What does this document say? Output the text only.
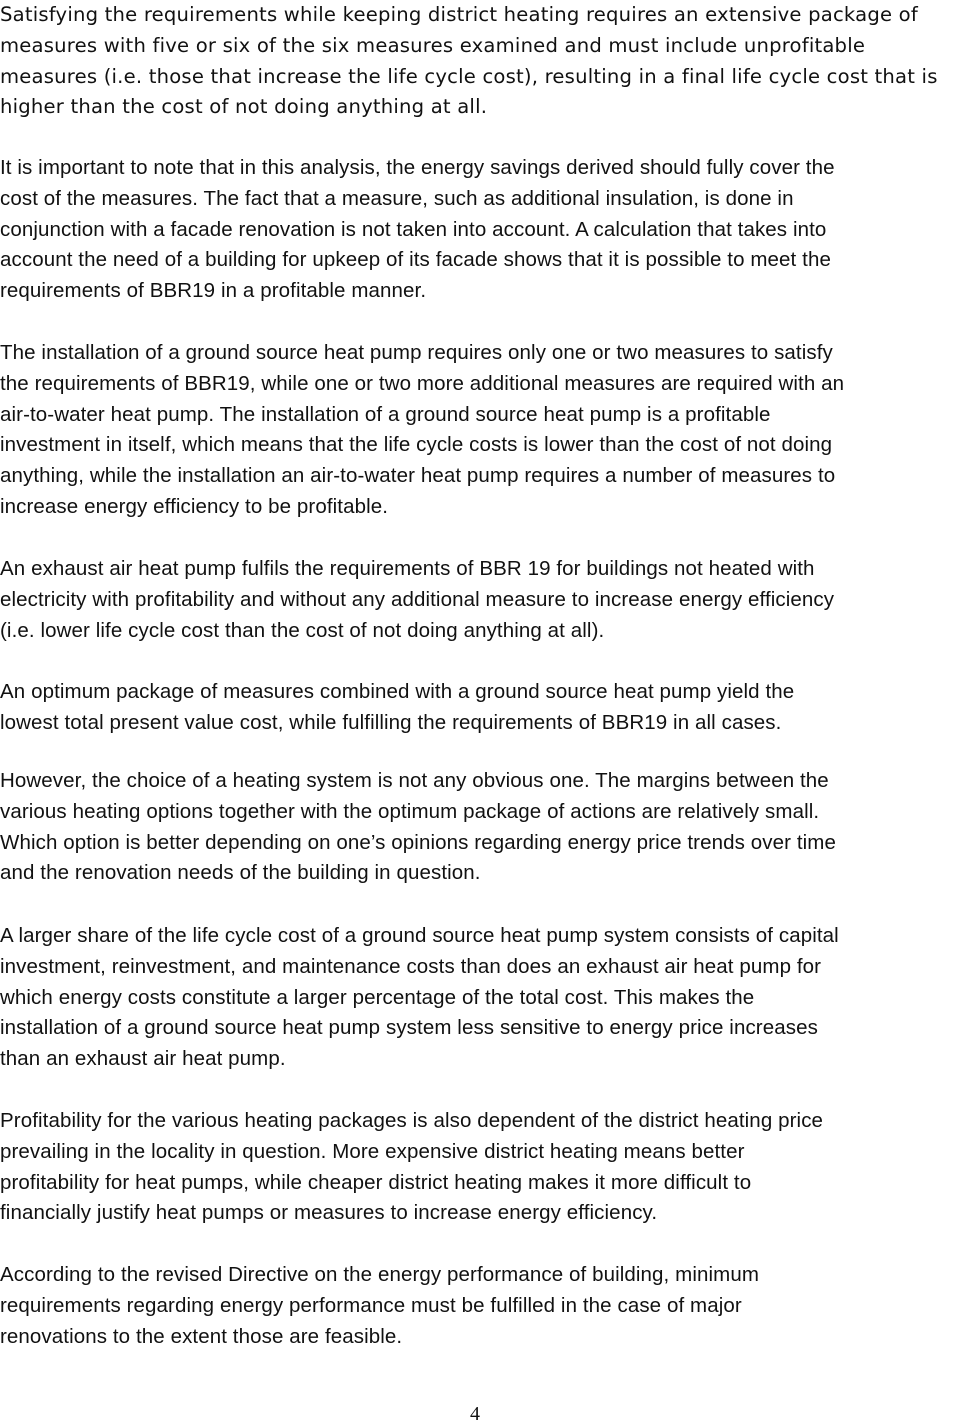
Satisfying the requirements while keeping district heating requires an extensive package of
measures with five or six of the six measures examined and must include unprofitable
measures (i.e. those that increase the life cycle cost), resulting in a final life cycle cost that is
higher than the cost of not doing anything at all.

It is important to note that in this analysis, the energy savings derived should fully cover the
cost of the measures. The fact that a measure, such as additional insulation, is done in
conjunction with a facade renovation is not taken into account. A calculation that takes into
account the need of a building for upkeep of its facade shows that it is possible to meet the
requirements of BBR19 in a profitable manner.

The installation of a ground source heat pump requires only one or two measures to satisfy
the requirements of BBR19, while one or two more additional measures are required with an
air-to-water heat pump. The installation of a ground source heat pump is a profitable
investment in itself, which means that the life cycle costs is lower than the cost of not doing
anything, while the installation an air-to-water heat pump requires a number of measures to
increase energy efficiency to be profitable.

An exhaust air heat pump fulfils the requirements of BBR 19 for buildings not heated with
electricity with profitability and without any additional measure to increase energy efficiency
(i.e. lower life cycle cost than the cost of not doing anything at all).

An optimum package of measures combined with a ground source heat pump yield the
lowest total present value cost, while fulfilling the requirements of BBR19 in all cases.

However, the choice of a heating system is not any obvious one. The margins between the
various heating options together with the optimum package of actions are relatively small.
Which option is better depending on one’s opinions regarding energy price trends over time
and the renovation needs of the building in question.

A larger share of the life cycle cost of a ground source heat pump system consists of capital
investment, reinvestment, and maintenance costs than does an exhaust air heat pump for
which energy costs constitute a larger percentage of the total cost. This makes the
installation of a ground source heat pump system less sensitive to energy price increases
than an exhaust air heat pump.

Profitability for the various heating packages is also dependent of the district heating price
prevailing in the locality in question. More expensive district heating means better
profitability for heat pumps, while cheaper district heating makes it more difficult to
financially justify heat pumps or measures to increase energy efficiency.

According to the revised Directive on the energy performance of building, minimum
requirements regarding energy performance must be fulfilled in the case of major
renovations to the extent those are feasible.

4
